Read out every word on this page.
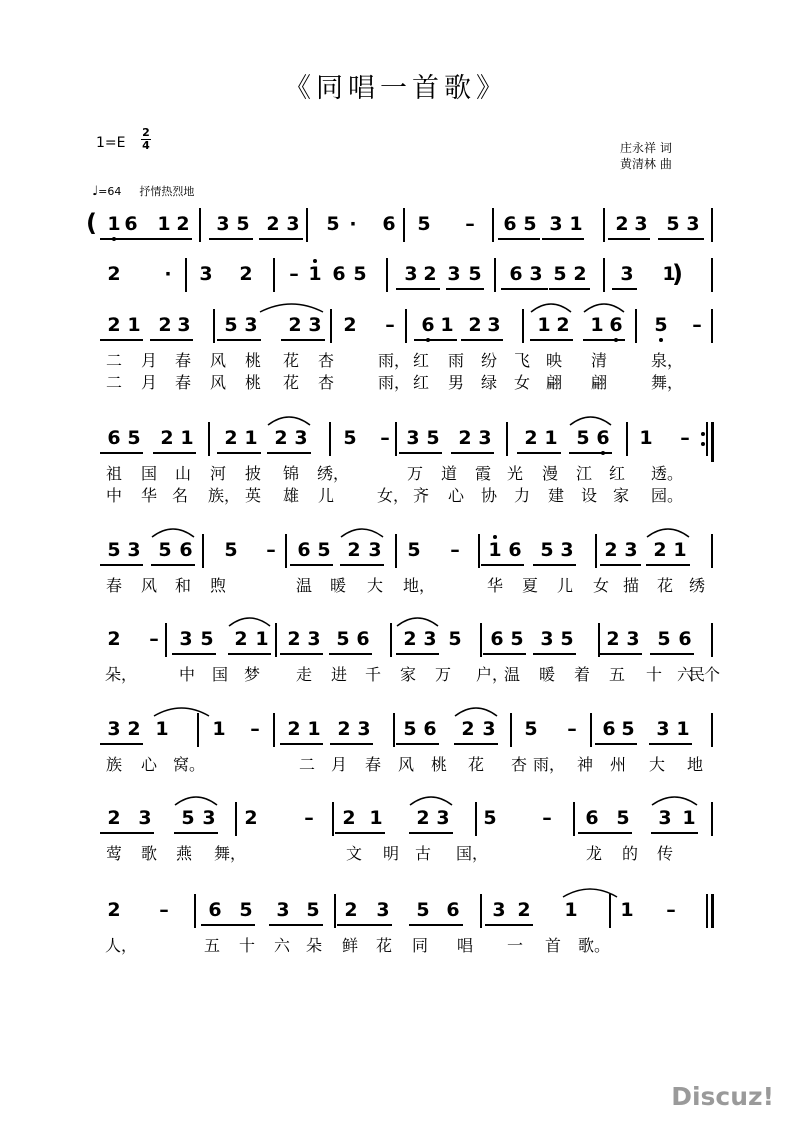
《同唱一首歌》
1=E
2
4	庄永祥 词
黄清林 曲
♩=64 抒情热烈地
(
)
1 6 1 2 3 5 2 3 5 · 6 5 – 6 5 3 1 2 3 5 3
2 · 3 2 – 1 6 5 3 2 3 5 6 3 5 2 3 1
2 1 2 3 5 3 2 3 2 – 6 1 2 3 1 2 1 6 5 –
二 月 春 风 桃 花 杏	雨， 红 雨 纷 飞 映 清	泉，
二 月 春 风 桃 花 杏	雨， 红 男 绿 女 翩 翩	舞，
6 5 2 1 2 1 2 3 5 – 3 5 2 3 2 1 5 6 1 –
祖 国 山 河 披 锦 绣，	万 道 霞 光 漫 江 红 透。
中 华 名 族， 英 雄 儿	女， 齐 心 协 力 建 设 家 园。
5 3 5 6 5 – 6 5 2 3 5 – 1 6 5 3 2 3 2 1
春 风 和 煦	温 暖 大 地，	华 夏 儿 女 描 花 绣
2 – 3 5 2 1 2 3 5 6 2 3 5 6 5 3 5 2 3 5 6
朵，	中 国 梦 走 进 千 家 万 户，
温 暖 着 五 十 六 个
民
3 2 1 1 – 2 1 2 3 5 6 2 3 5 – 6 5 3 1
族 心 窝。	二 月 春 风 桃 花 杏 雨， 神 州 大 地
2 3 5 3 2 – 2 1 2 3 5 – 6 5 3 1
莺 歌 燕 舞，	文 明 古 国，	龙 的 传
2 – 6 5 3 5 2 3 5 6 3 2 1 1 –
人，	五 十 六 朵 鲜 花 同 唱 一 首 歌。
Discuz!
